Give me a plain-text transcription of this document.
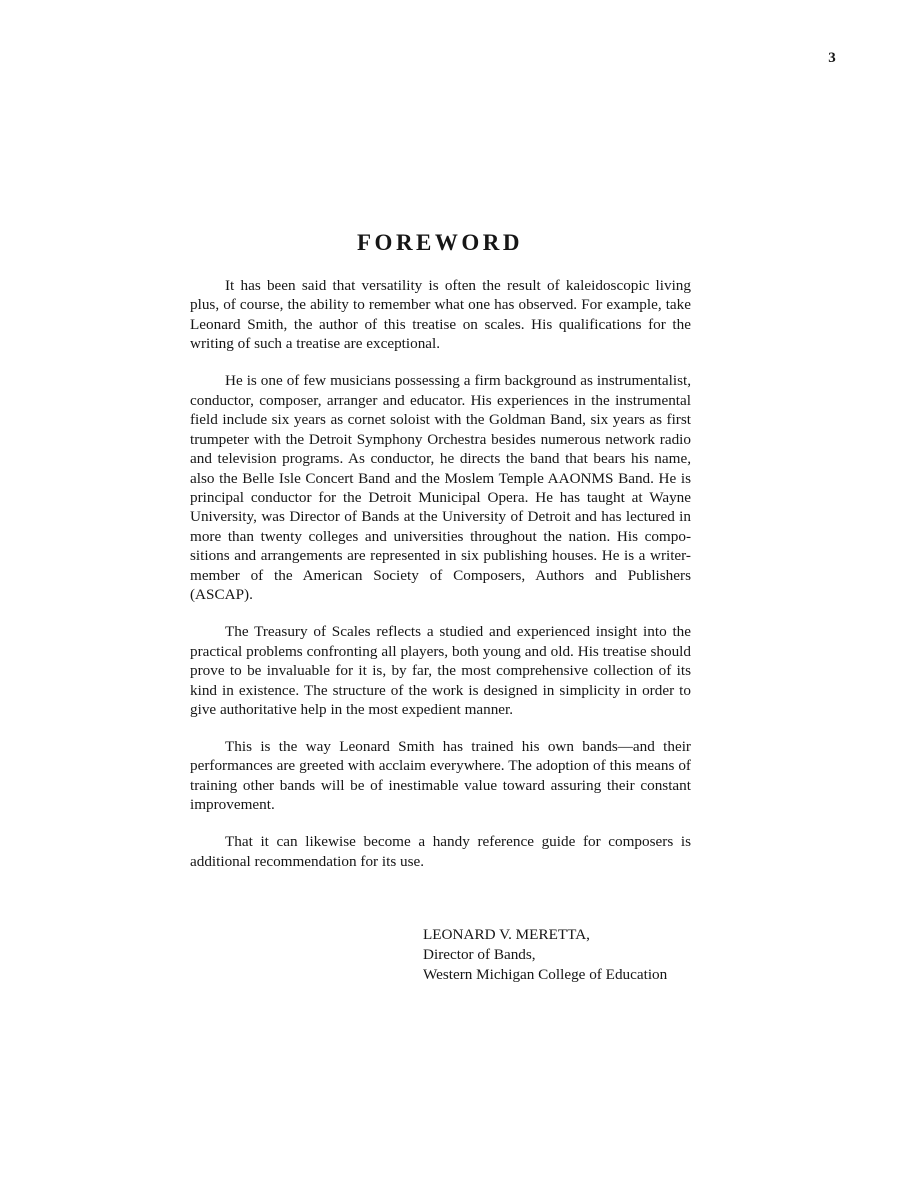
3
FOREWORD

It has been said that versatility is often the result of kaleidoscopic living plus, of course, the ability to remember what one has observed. For example, take Leonard Smith, the author of this treatise on scales. His qualifications for the writing of such a treatise are exceptional.

He is one of few musicians possessing a firm background as instrumentalist, conductor, composer, arranger and educator. His experiences in the instrumental field include six years as cornet soloist with the Goldman Band, six years as first trumpeter with the Detroit Symphony Orchestra besides numerous network radio and television programs. As conductor, he directs the band that bears his name, also the Belle Isle Concert Band and the Moslem Temple AAONMS Band. He is principal conductor for the Detroit Municipal Opera. He has taught at Wayne University, was Director of Bands at the University of Detroit and has lectured in more than twenty colleges and universities throughout the nation. His compositions and arrangements are represented in six publishing houses. He is a writer-member of the American Society of Composers, Authors and Publishers (ASCAP).

The Treasury of Scales reflects a studied and experienced insight into the practical problems confronting all players, both young and old. His treatise should prove to be invaluable for it is, by far, the most comprehensive collection of its kind in existence. The structure of the work is designed in simplicity in order to give authoritative help in the most expedient manner.

This is the way Leonard Smith has trained his own bands—and their performances are greeted with acclaim everywhere. The adoption of this means of training other bands will be of inestimable value toward assuring their constant improvement.

That it can likewise become a handy reference guide for composers is additional recommendation for its use.

LEONARD V. MERETTA,
Director of Bands,
Western Michigan College of Education
